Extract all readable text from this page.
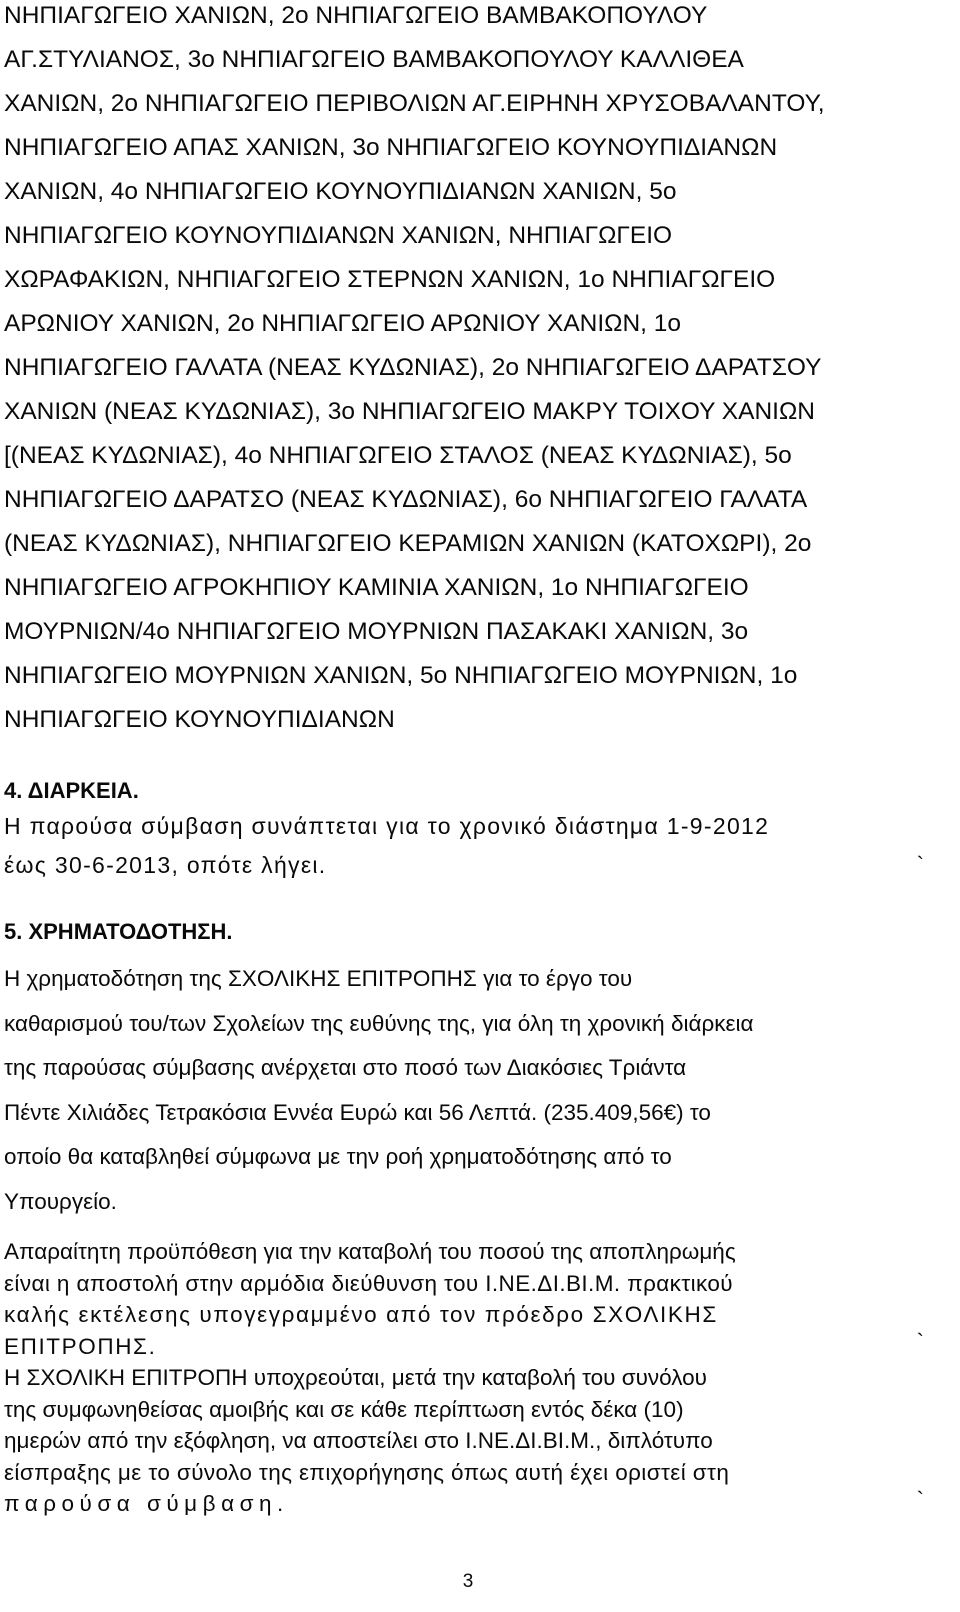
ΝΗΠΙΑΓΩΓΕΙΟ ΧΑΝΙΩΝ, 2ο ΝΗΠΙΑΓΩΓΕΙΟ ΒΑΜΒΑΚΟΠΟΥΛΟΥ
ΑΓ.ΣΤΥΛΙΑΝΟΣ, 3ο ΝΗΠΙΑΓΩΓΕΙΟ ΒΑΜΒΑΚΟΠΟΥΛΟΥ ΚΑΛΛΙΘΕΑ
ΧΑΝΙΩΝ, 2ο ΝΗΠΙΑΓΩΓΕΙΟ ΠΕΡΙΒΟΛΙΩΝ ΑΓ.ΕΙΡΗΝΗ ΧΡΥΣΟΒΑΛΑΝΤΟΥ,
ΝΗΠΙΑΓΩΓΕΙΟ ΑΠΑΣ ΧΑΝΙΩΝ, 3ο ΝΗΠΙΑΓΩΓΕΙΟ ΚΟΥΝΟΥΠΙΔΙΑΝΩΝ
ΧΑΝΙΩΝ, 4ο ΝΗΠΙΑΓΩΓΕΙΟ ΚΟΥΝΟΥΠΙΔΙΑΝΩΝ ΧΑΝΙΩΝ, 5ο
ΝΗΠΙΑΓΩΓΕΙΟ ΚΟΥΝΟΥΠΙΔΙΑΝΩΝ ΧΑΝΙΩΝ, ΝΗΠΙΑΓΩΓΕΙΟ
ΧΩΡΑΦΑΚΙΩΝ, ΝΗΠΙΑΓΩΓΕΙΟ ΣΤΕΡΝΩΝ ΧΑΝΙΩΝ, 1ο ΝΗΠΙΑΓΩΓΕΙΟ
ΑΡΩΝΙΟΥ ΧΑΝΙΩΝ, 2ο ΝΗΠΙΑΓΩΓΕΙΟ ΑΡΩΝΙΟΥ ΧΑΝΙΩΝ, 1ο
ΝΗΠΙΑΓΩΓΕΙΟ ΓΑΛΑΤΑ (ΝΕΑΣ ΚΥΔΩΝΙΑΣ), 2ο ΝΗΠΙΑΓΩΓΕΙΟ ΔΑΡΑΤΣΟΥ
ΧΑΝΙΩΝ (ΝΕΑΣ ΚΥΔΩΝΙΑΣ), 3ο ΝΗΠΙΑΓΩΓΕΙΟ ΜΑΚΡΥ ΤΟΙΧΟΥ ΧΑΝΙΩΝ
[(ΝΕΑΣ ΚΥΔΩΝΙΑΣ), 4ο ΝΗΠΙΑΓΩΓΕΙΟ ΣΤΑΛΟΣ (ΝΕΑΣ ΚΥΔΩΝΙΑΣ), 5ο
ΝΗΠΙΑΓΩΓΕΙΟ ΔΑΡΑΤΣΟ (ΝΕΑΣ ΚΥΔΩΝΙΑΣ), 6ο ΝΗΠΙΑΓΩΓΕΙΟ ΓΑΛΑΤΑ
(ΝΕΑΣ ΚΥΔΩΝΙΑΣ), ΝΗΠΙΑΓΩΓΕΙΟ ΚΕΡΑΜΙΩΝ ΧΑΝΙΩΝ (ΚΑΤΟΧΩΡΙ), 2ο
ΝΗΠΙΑΓΩΓΕΙΟ ΑΓΡΟΚΗΠΙΟΥ ΚΑΜΙΝΙΑ ΧΑΝΙΩΝ, 1ο ΝΗΠΙΑΓΩΓΕΙΟ
ΜΟΥΡΝΙΩΝ/4ο ΝΗΠΙΑΓΩΓΕΙΟ ΜΟΥΡΝΙΩΝ ΠΑΣΑΚΑΚΙ ΧΑΝΙΩΝ, 3ο
ΝΗΠΙΑΓΩΓΕΙΟ ΜΟΥΡΝΙΩΝ ΧΑΝΙΩΝ, 5ο ΝΗΠΙΑΓΩΓΕΙΟ ΜΟΥΡΝΙΩΝ, 1ο
ΝΗΠΙΑΓΩΓΕΙΟ ΚΟΥΝΟΥΠΙΔΙΑΝΩΝ
4. ΔΙΑΡΚΕΙΑ.
Η παρούσα σύμβαση συνάπτεται για το χρονικό διάστημα 1-9-2012
έως 30-6-2013, οπότε λήγει.	`
5. ΧΡΗΜΑΤΟΔΟΤΗΣΗ.
Η χρηματοδότηση της ΣΧΟΛΙΚΗΣ ΕΠΙΤΡΟΠΗΣ για το έργο του
καθαρισμού του/των Σχολείων της ευθύνης της, για όλη τη χρονική διάρκεια
της παρούσας σύμβασης ανέρχεται στο ποσό των Διακόσιες Τριάντα
Πέντε Χιλιάδες Τετρακόσια Εννέα Ευρώ και 56 Λεπτά. (235.409,56€) το
οποίο θα καταβληθεί σύμφωνα με την ροή χρηματοδότησης από το
Υπουργείο.
Απαραίτητη προϋπόθεση για την καταβολή του ποσού της αποπληρωμής
είναι η αποστολή στην αρμόδια διεύθυνση του Ι.ΝΕ.ΔΙ.ΒΙ.Μ. πρακτικού
καλής εκτέλεσης υπογεγραμμένο από τον πρόεδρο ΣΧΟΛΙΚΗΣ
ΕΠΙΤΡΟΠΗΣ.	`
Η ΣΧΟΛΙΚΗ ΕΠΙΤΡΟΠΗ υποχρεούται, μετά την καταβολή του συνόλου
της συμφωνηθείσας αμοιβής και σε κάθε περίπτωση εντός δέκα (10)
ημερών από την εξόφληση, να αποστείλει στο Ι.ΝΕ.ΔΙ.ΒΙ.Μ., διπλότυπο
είσπραξης με το σύνολο της επιχορήγησης όπως αυτή έχει οριστεί στη
παρούσα σύμβαση.	`
3
